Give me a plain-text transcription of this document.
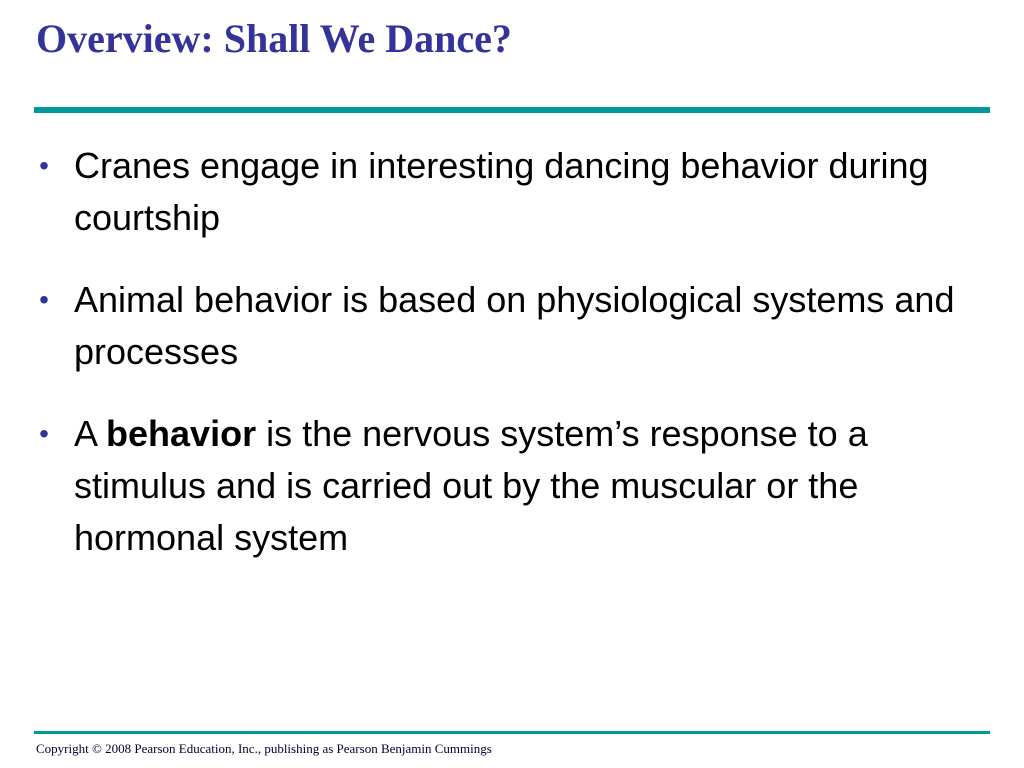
Overview: Shall We Dance?
• Cranes engage in interesting dancing behavior during courtship
• Animal behavior is based on physiological systems and processes
• A behavior is the nervous system’s response to a stimulus and is carried out by the muscular or the hormonal system

Copyright © 2008 Pearson Education, Inc., publishing as Pearson Benjamin Cummings
